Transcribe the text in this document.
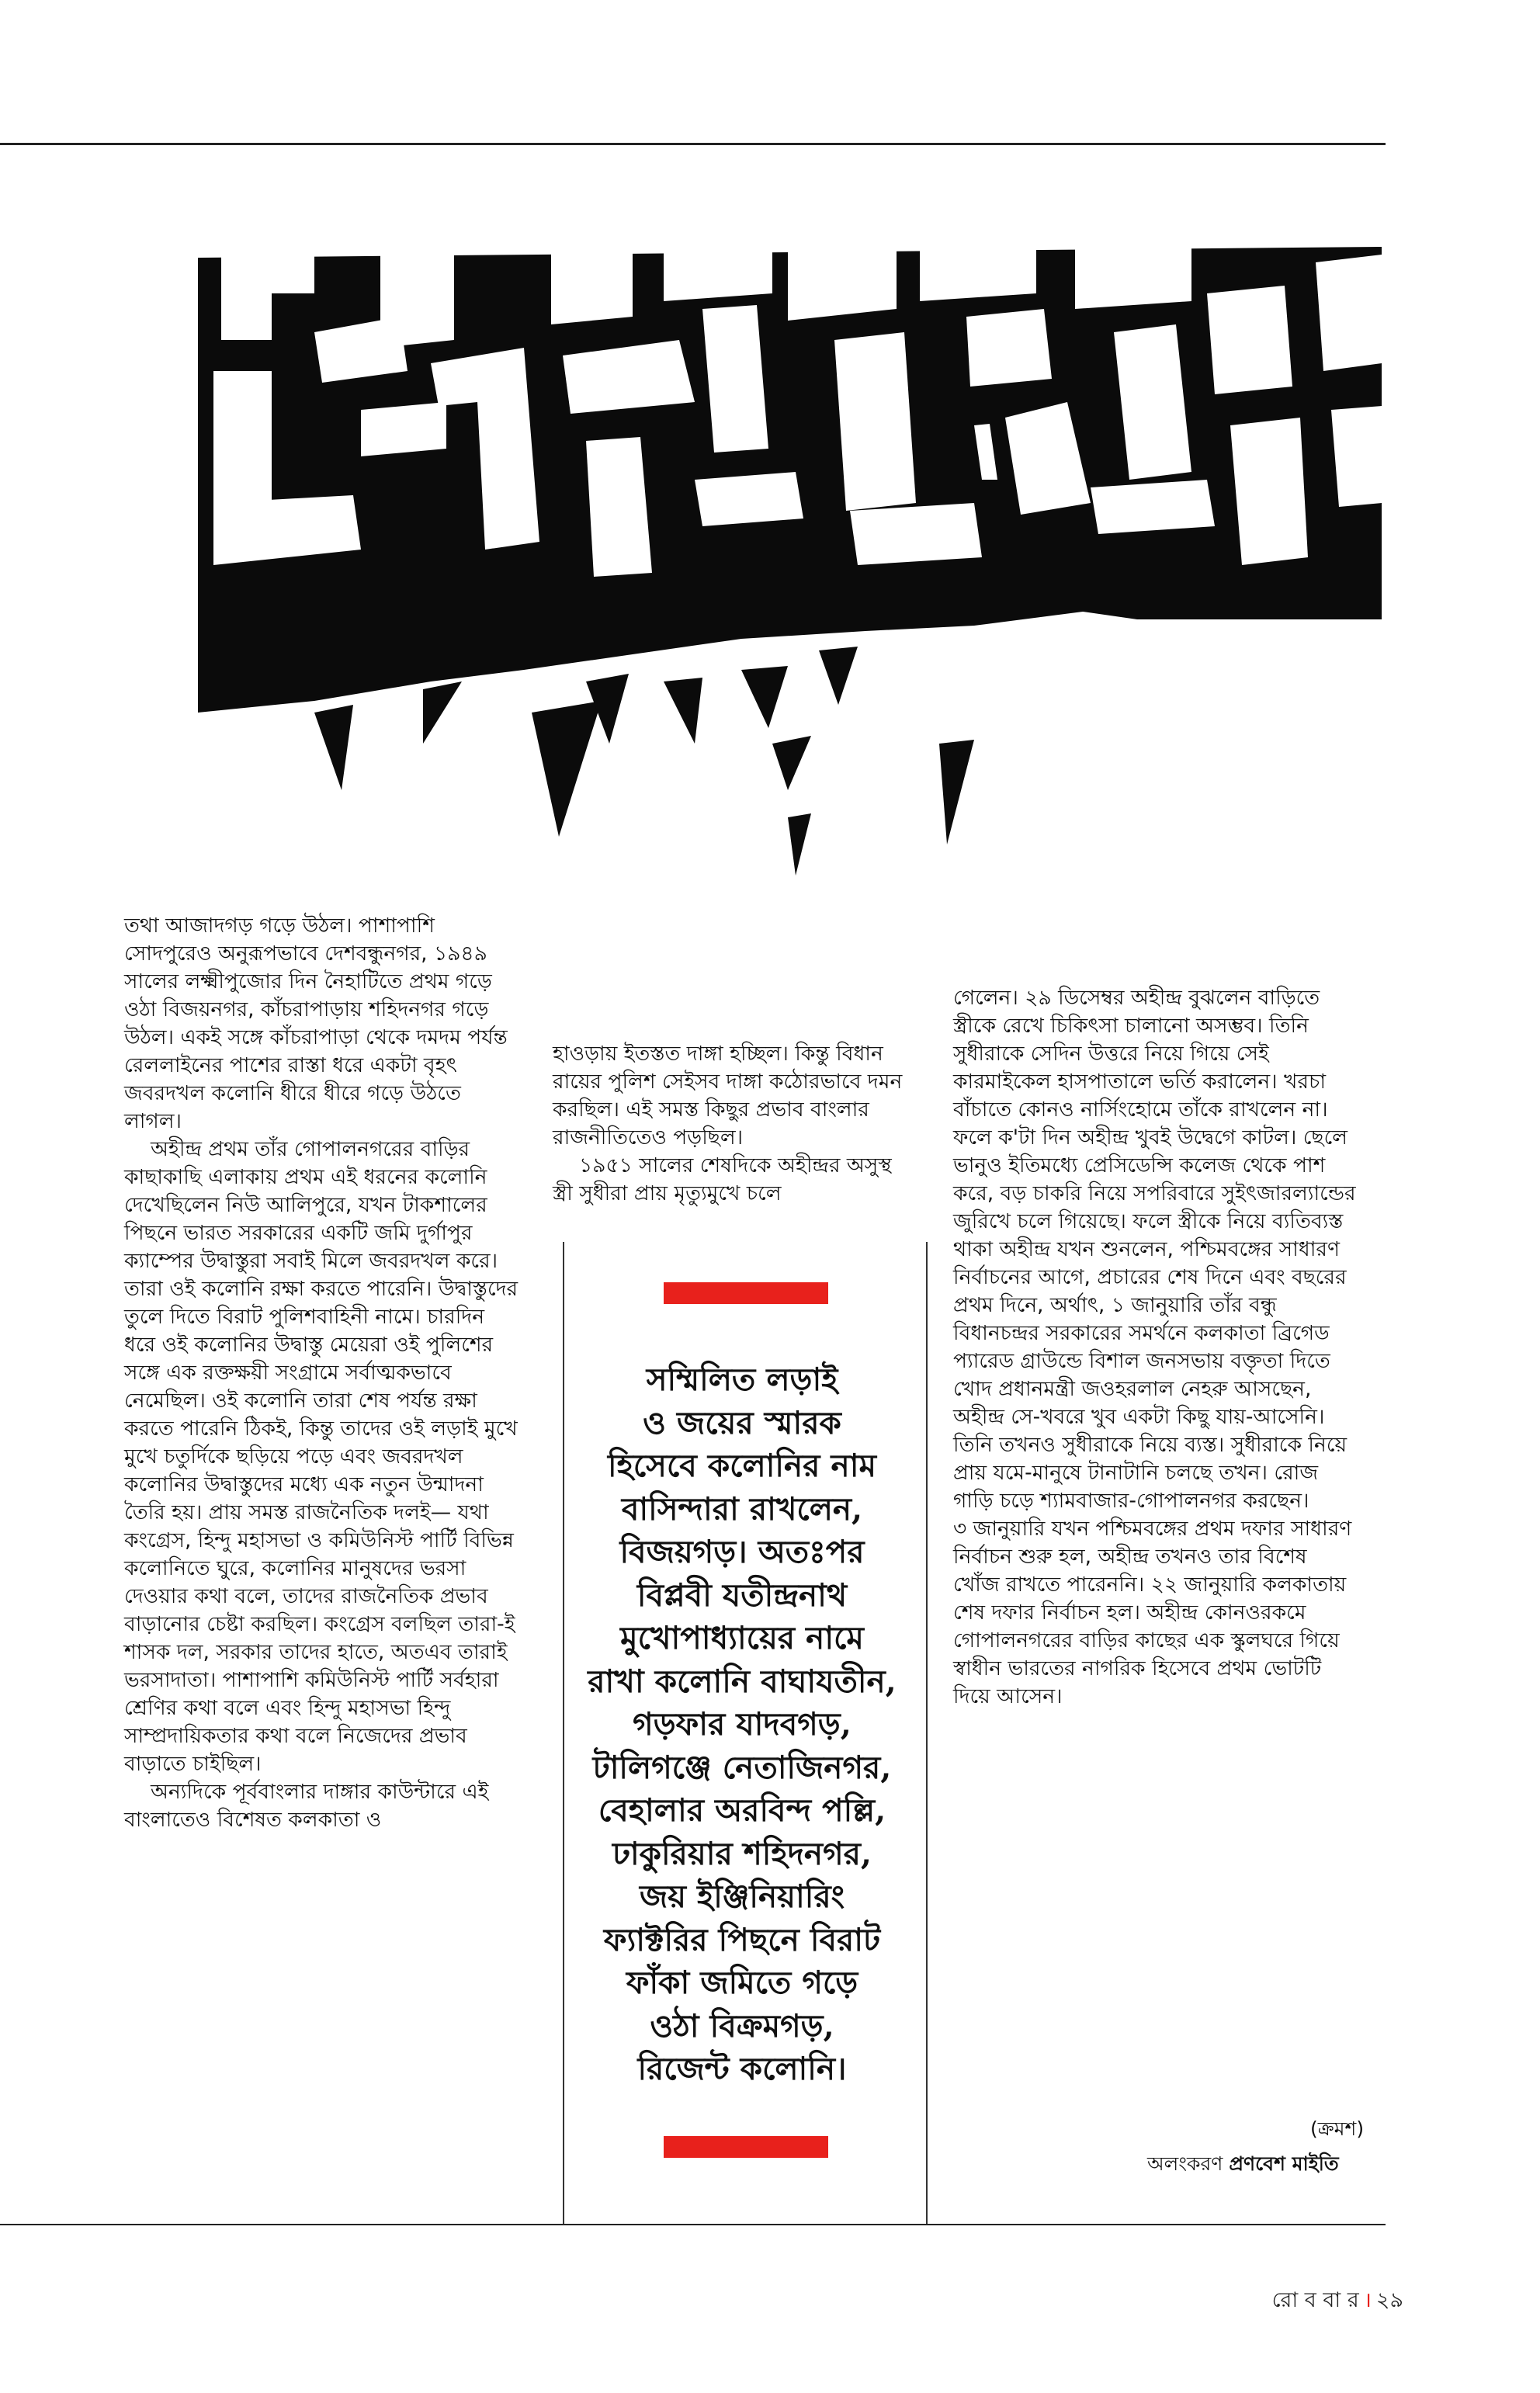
তথা আজাদগড় গড়ে উঠল। পাশাপাশি সোদপুরেও অনুরূপভাবে দেশবন্ধুনগর, ১৯৪৯ সালের লক্ষ্মীপুজোর দিন নৈহাটিতে প্রথম গড়ে ওঠা বিজয়নগর, কাঁচরাপাড়ায় শহিদনগর গড়ে উঠল। একই সঙ্গে কাঁচরাপাড়া থেকে দমদম পর্যন্ত রেললাইনের পাশের রাস্তা ধরে একটা বৃহৎ জবরদখল কলোনি ধীরে ধীরে গড়ে উঠতে লাগল।

অহীন্দ্র প্রথম তাঁর গোপালনগরের বাড়ির কাছাকাছি এলাকায় প্রথম এই ধরনের কলোনি দেখেছিলেন নিউ আলিপুরে, যখন টাকশালের পিছনে ভারত সরকারের একটি জমি দুর্গাপুর ক্যাম্পের উদ্বাস্তুরা সবাই মিলে জবরদখল করে। তারা ওই কলোনি রক্ষা করতে পারেনি। উদ্বাস্তুদের তুলে দিতে বিরাট পুলিশবাহিনী নামে। চারদিন ধরে ওই কলোনির উদ্বাস্তু মেয়েরা ওই পুলিশের সঙ্গে এক রক্তক্ষয়ী সংগ্রামে সর্বাত্মকভাবে নেমেছিল। ওই কলোনি তারা শেষ পর্যন্ত রক্ষা করতে পারেনি ঠিকই, কিন্তু তাদের ওই লড়াই মুখে মুখে চতুর্দিকে ছড়িয়ে পড়ে এবং জবরদখল কলোনির উদ্বাস্তুদের মধ্যে এক নতুন উন্মাদনা তৈরি হয়। প্রায় সমস্ত রাজনৈতিক দলই— যথা কংগ্রেস, হিন্দু মহাসভা ও কমিউনিস্ট পার্টি বিভিন্ন কলোনিতে ঘুরে, কলোনির মানুষদের ভরসা দেওয়ার কথা বলে, তাদের রাজনৈতিক প্রভাব বাড়ানোর চেষ্টা করছিল। কংগ্রেস বলছিল তারা-ই শাসক দল, সরকার তাদের হাতে, অতএব তারাই ভরসাদাতা। পাশাপাশি কমিউনিস্ট পার্টি সর্বহারা শ্রেণির কথা বলে এবং হিন্দু মহাসভা হিন্দু সাম্প্রদায়িকতার কথা বলে নিজেদের প্রভাব বাড়াতে চাইছিল।

অন্যদিকে পূর্ববাংলার দাঙ্গার কাউন্টারে এই বাংলাতেও বিশেষত কলকাতা ও

হাওড়ায় ইতস্তত দাঙ্গা হচ্ছিল। কিন্তু বিধান রায়ের পুলিশ সেইসব দাঙ্গা কঠোরভাবে দমন করছিল। এই সমস্ত কিছুর প্রভাব বাংলার রাজনীতিতেও পড়ছিল।

১৯৫১ সালের শেষদিকে অহীন্দ্রর অসুস্থ স্ত্রী সুধীরা প্রায় মৃত্যুমুখে চলে

গেলেন। ২৯ ডিসেম্বর অহীন্দ্র বুঝলেন বাড়িতে স্ত্রীকে রেখে চিকিৎসা চালানো অসম্ভব। তিনি সুধীরাকে সেদিন উত্তরে নিয়ে গিয়ে সেই কারমাইকেল হাসপাতালে ভর্তি করালেন। খরচা বাঁচাতে কোনও নার্সিংহোমে তাঁকে রাখলেন না। ফলে ক'টা দিন অহীন্দ্র খুবই উদ্বেগে কাটল। ছেলে ভানুও ইতিমধ্যে প্রেসিডেন্সি কলেজ থেকে পাশ করে, বড় চাকরি নিয়ে সপরিবারে সুইৎজারল্যান্ডের জুরিখে চলে গিয়েছে। ফলে স্ত্রীকে নিয়ে ব্যতিব্যস্ত থাকা অহীন্দ্র যখন শুনলেন, পশ্চিমবঙ্গের সাধারণ নির্বাচনের আগে, প্রচারের শেষ দিনে এবং বছরের প্রথম দিনে, অর্থাৎ, ১ জানুয়ারি তাঁর বন্ধু বিধানচন্দ্রর সরকারের সমর্থনে কলকাতা ব্রিগেড প্যারেড গ্রাউন্ডে বিশাল জনসভায় বক্তৃতা দিতে খোদ প্রধানমন্ত্রী জওহরলাল নেহরু আসছেন, অহীন্দ্র সে-খবরে খুব একটা কিছু যায়-আসেনি। তিনি তখনও সুধীরাকে নিয়ে ব্যস্ত। সুধীরাকে নিয়ে প্রায় যমে-মানুষে টানাটানি চলছে তখন। রোজ গাড়ি চড়ে শ্যামবাজার-গোপালনগর করছেন।

৩ জানুয়ারি যখন পশ্চিমবঙ্গের প্রথম দফার সাধারণ নির্বাচন শুরু হল, অহীন্দ্র তখনও তার বিশেষ খোঁজ রাখতে পারেননি। ২২ জানুয়ারি কলকাতায় শেষ দফার নির্বাচন হল। অহীন্দ্র কোনওরকমে গোপালনগরের বাড়ির কাছের এক স্কুলঘরে গিয়ে স্বাধীন ভারতের নাগরিক হিসেবে প্রথম ভোটটি দিয়ে আসেন।

সম্মিলিত লড়াই
ও জয়ের স্মারক
হিসেবে কলোনির নাম
বাসিন্দারা রাখলেন,
বিজয়গড়। অতঃপর
বিপ্লবী যতীন্দ্রনাথ
মুখোপাধ্যায়ের নামে
রাখা কলোনি বাঘাযতীন,
গড়ফার যাদবগড়,
টালিগঞ্জে নেতাজিনগর,
বেহালার অরবিন্দ পল্লি,
ঢাকুরিয়ার শহিদনগর,
জয় ইঞ্জিনিয়ারিং
ফ্যাক্টরির পিছনে বিরাট
ফাঁকা জমিতে গড়ে
ওঠা বিক্রমগড়,
রিজেন্ট কলোনি।
(ক্রমশ)
অলংকরণ প্রণবেশ মাইতি
রো ব বা র । ২৯
